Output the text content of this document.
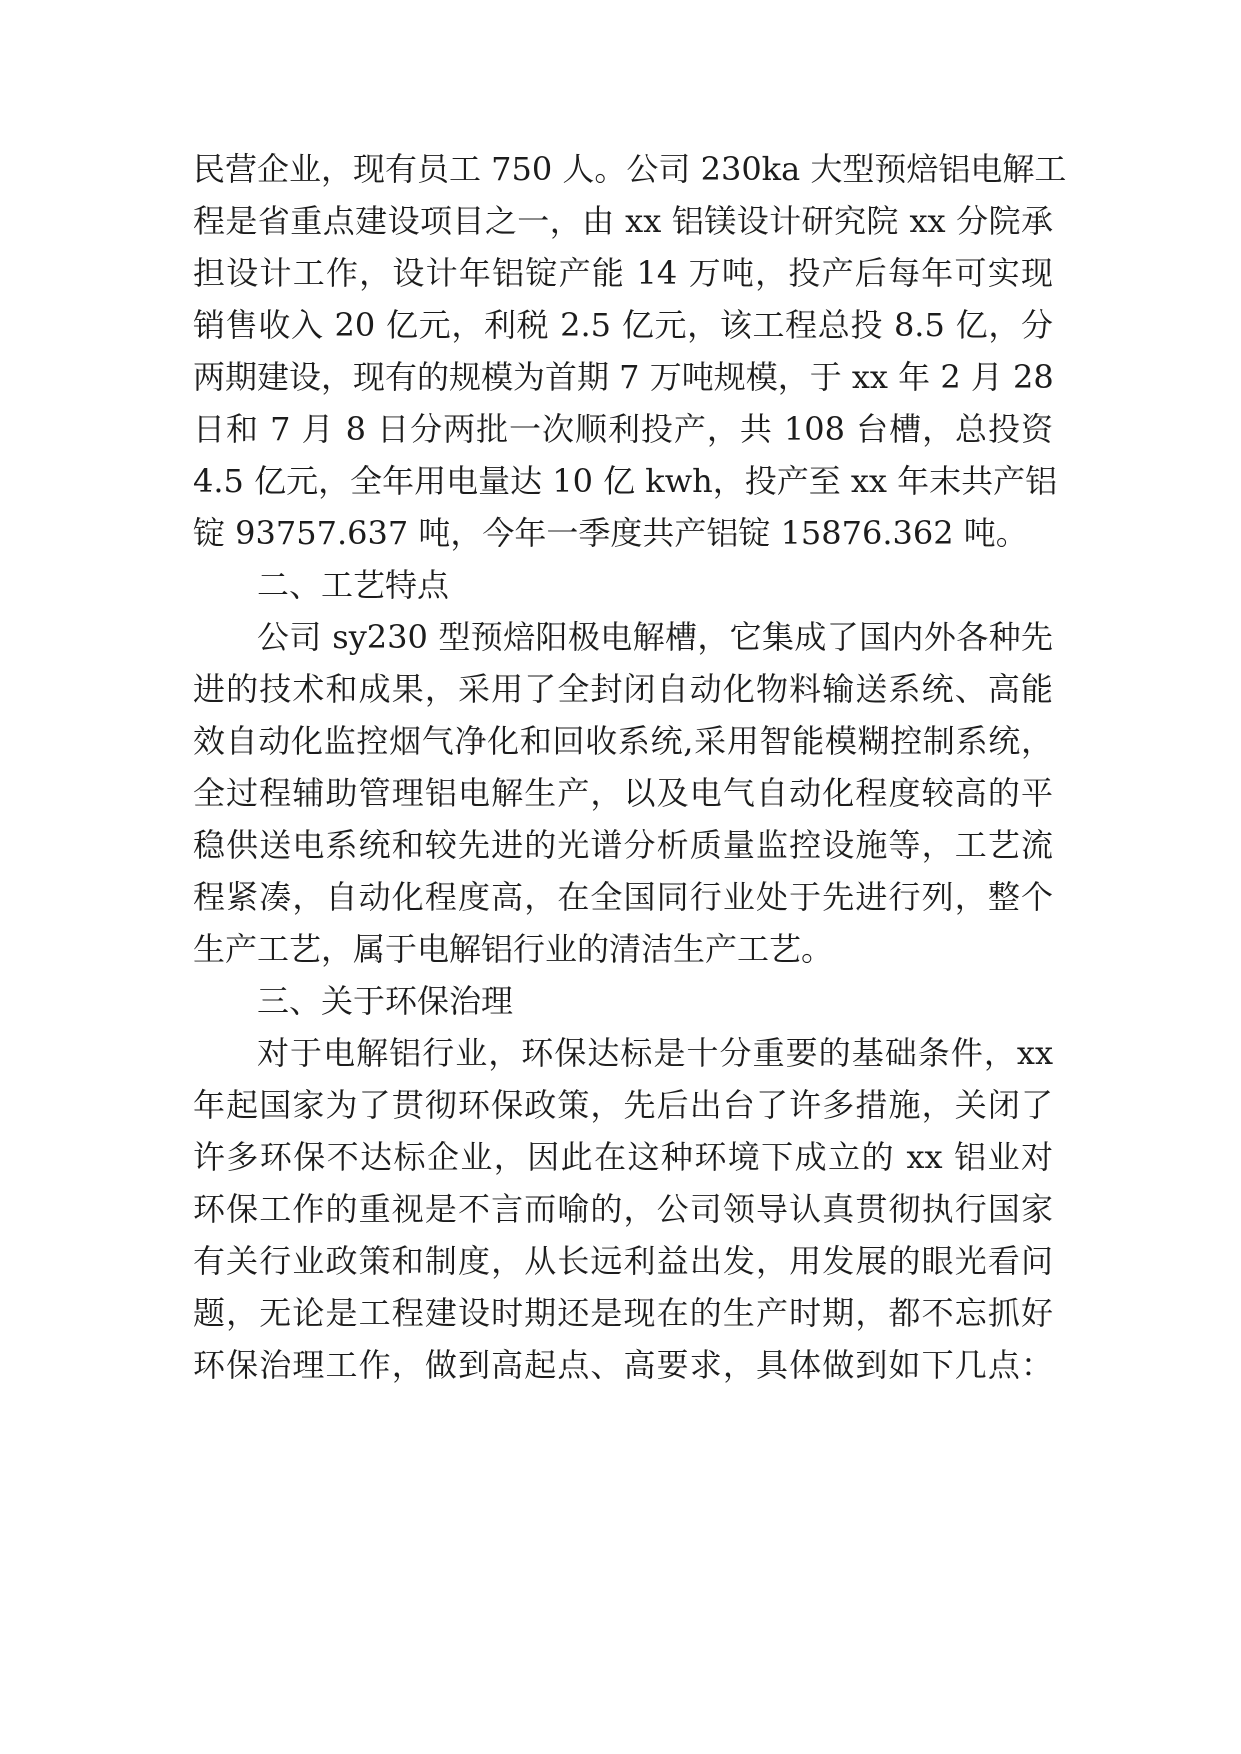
民营企业，现有员工 750 人。公司 230ka 大型预焙铝电解工
程是省重点建设项目之一，由 xx 铝镁设计研究院 xx 分院承
担设计工作，设计年铝锭产能 14 万吨，投产后每年可实现
销售收入 20 亿元，利税 2.5 亿元，该工程总投 8.5 亿，分
两期建设，现有的规模为首期 7 万吨规模，于 xx 年 2 月 28
日和 7 月 8 日分两批一次顺利投产，共 108 台槽，总投资
4.5 亿元，全年用电量达 10 亿 kwh，投产至 xx 年末共产铝
锭 93757.637 吨，今年一季度共产铝锭 15876.362 吨。
二、工艺特点
公司 sy230 型预焙阳极电解槽，它集成了国内外各种先
进的技术和成果，采用了全封闭自动化物料输送系统、高能
效自动化监控烟气净化和回收系统,采用智能模糊控制系统，
全过程辅助管理铝电解生产，以及电气自动化程度较高的平
稳供送电系统和较先进的光谱分析质量监控设施等，工艺流
程紧凑，自动化程度高，在全国同行业处于先进行列，整个
生产工艺，属于电解铝行业的清洁生产工艺。
三、关于环保治理
对于电解铝行业，环保达标是十分重要的基础条件，xx
年起国家为了贯彻环保政策，先后出台了许多措施，关闭了
许多环保不达标企业，因此在这种环境下成立的 xx 铝业对
环保工作的重视是不言而喻的，公司领导认真贯彻执行国家
有关行业政策和制度，从长远利益出发，用发展的眼光看问
题，无论是工程建设时期还是现在的生产时期，都不忘抓好
环保治理工作，做到高起点、高要求，具体做到如下几点：
